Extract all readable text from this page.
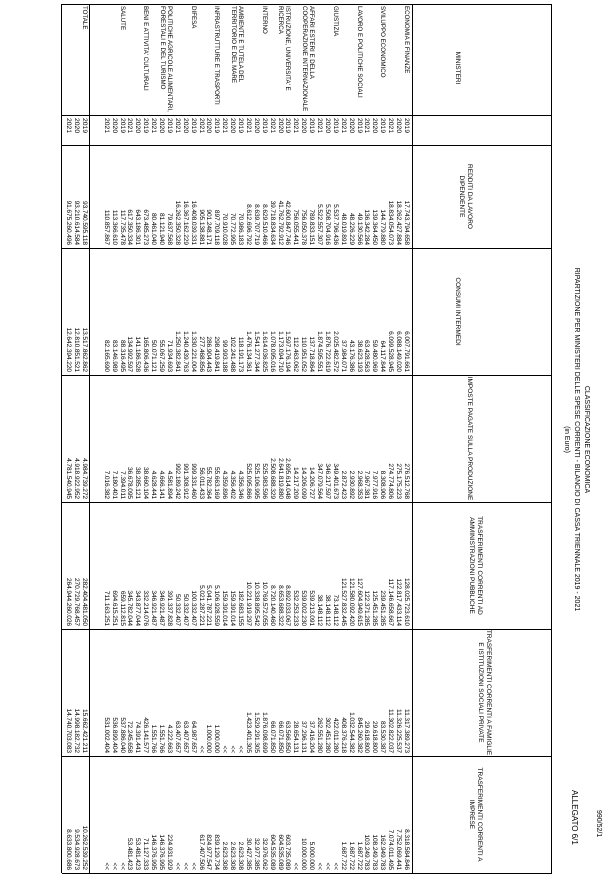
990/52/1
ALLEGATO 6/1
CLASSIFICAZIONE ECONOMICA
RIPARTIZIONE PER MINISTERI DELLE SPESE CORRENTI - BILANCIO DI CASSA TRIENNALE 2019 - 2021
(in Euro)
MINISTERI
REDDITI DA LAVORO DIPENDENTE
CONSUMI INTERMEDI
IMPOSTE PAGATE SULLA PRODUZIONE
TRASFERIMENTI CORRENTI AD AMMINISTRAZIONI PUBBLICHE
TRASFERIMENTI CORRENTI A FAMIGLIE E ISTITUZIONI SOCIALI PRIVATE
TRASFERIMENTI CORRENTI A IMPRESE
ECONOMIA E FINANZE
2019
17.743.794.658
6.007.791.661
276.512.768
128.025.723.610
11.317.389.273
8.318.584.846
2020
18.262.427.884
6.088.149.020
275.175.223
122.817.433.114
11.326.225.537
7.752.069.441
2021
18.834.054.073
6.099.528.945
274.774.806
117.146.658.667
11.302.822.037
7.074.011.495
SVILUPPO ECONOMICO
2019
144.779.880
64.117.844
8.308.906
239.451.285
83.530.387
162.949.783
2020
139.364.450
59.480.969
7.977.916
125.451.285
29.618.800
108.249.783
2021
136.342.284
63.428.563
7.967.381
122.371.285
29.618.800
103.249.783
LAVORO E POLITICHE SOCIALI
2019
49.130.566
38.623.193
2.968.353
127.604.949.615
845.260.382
1.687.722
2020
48.226.229
43.176.386
2.930.892
121.580.092.420
1.032.544.382
1.687.722
2021
48.019.891
37.984.071
2.872.423
121.527.832.445
408.376.218
1.687.722
GIUSTIZIA
2019
5.537.796.436
2.025.482.572
349.401.673
73.148.112
422.011.280
<<
2020
5.508.704.916
1.876.722.619
346.217.597
38.148.112
302.451.280
<<
2021
5.522.557.307
1.874.595.551
347.079.564
38.148.112
262.551.280
<<
AFFARI ESTERI E DELLA COOPERAZIONE INTERNAZIONALE
2019
789.833.151
137.718.864
14.206.727
539.213.091
37.416.204
5.000.000
2020
756.050.378
110.951.052
14.206.099
539.002.230
37.296.131
10.000.000
2021
756.055.441
112.463.062
14.217.209
532.253.233
28.654.131
<<
ISTRUZIONE, UNIVERSITA' E RICERCA
2019
42.600.847.746
1.597.176.194
2.695.614.048
8.892.033.067
63.566.850
603.735.089
2020
41.762.792.912
1.173.094.710
2.641.819.880
8.653.688.322
66.071.850
604.535.089
2021
39.718.834.634
1.078.095.016
2.508.688.329
8.720.140.460
66.071.850
604.535.089
INTERNO
2019
8.629.510.466
1.614.036.825
525.983.596
10.769.572.055
1.876.098.699
32.976.062
2020
8.639.707.719
1.541.277.344
525.106.995
10.338.895.542
1.529.291.305
32.977.385
2021
8.612.696.792
1.476.134.361
525.095.866
10.221.919.297
1.423.401.305
30.427.385
AMBIENTE E TUTELA DEL TERRITORIO E DEL MARE
2019
70.986.183
118.191.173
4.356.346
182.683.155
<<
2.623.308
2020
70.772.995
102.241.488
4.356.402
159.391.014
<<
2.623.308
2021
70.910.028
99.993.188
4.359.896
159.391.014
<<
2.623.308
INFRASTRUTTURE E TRASPORTI
2019
897.709.118
298.419.841
55.663.169
5.106.928.559
1.000.000
839.129.734
2020
901.248.171
286.904.443
55.782.364
5.041.787.221
1.000.000
824.977.547
2021
905.138.881
277.468.856
56.011.433
5.021.287.221
<<
617.407.506
DIFESA
2019
16.408.039.331
1.330.221.004
999.331.460
100.332.407
64.987.657
<<
2020
16.367.162.229
1.240.439.763
991.308.912
50.332.407
63.407.657
<<
2021
16.262.350.328
1.250.382.841
992.189.242
50.332.407
63.407.657
<<
POLITICHE AGRICOLE ALIMENTARI, FORESTALI E DEL TURISMO
2019
79.637.568
71.934.693
4.581.894
391.337.828
4.222.663
224.931.929
2020
81.121.940
55.067.259
4.666.141
346.921.487
1.551.766
146.376.995
2021
80.461.040
50.071.121
4.628.441
346.921.487
1.551.766
146.376.995
BENI E ATTIVITA' CULTURALI
2019
673.485.273
165.806.436
38.660.104
332.214.076
426.141.577
71.127.333
2020
643.186.301
141.186.528
38.285.121
343.877.044
74.391.441
53.481.423
2021
617.350.334
134.992.597
36.678.095
345.782.044
72.245.658
53.481.423
SALUTE
2019
117.735.478
88.316.495
7.394.011
659.112.815
537.886.040
<<
2020
113.366.610
83.146.989
7.180.401
694.615.251
536.899.404
<<
2021
110.857.867
82.165.690
7.016.382
711.163.251
531.002.404
<<
TOTALE
2019
93.740.595.118
13.517.862.862
4.984.739.272
282.404.481.050
15.662.421.211
10.262.539.252
2020
93.210.614.584
12.810.851.521
4.918.922.952
270.729.768.457
14.998.182.732
9.534.928.673
2021
91.675.260.496
12.642.394.220
4.781.540.945
264.944.260.026
14.740.703.083
8.633.800.686
